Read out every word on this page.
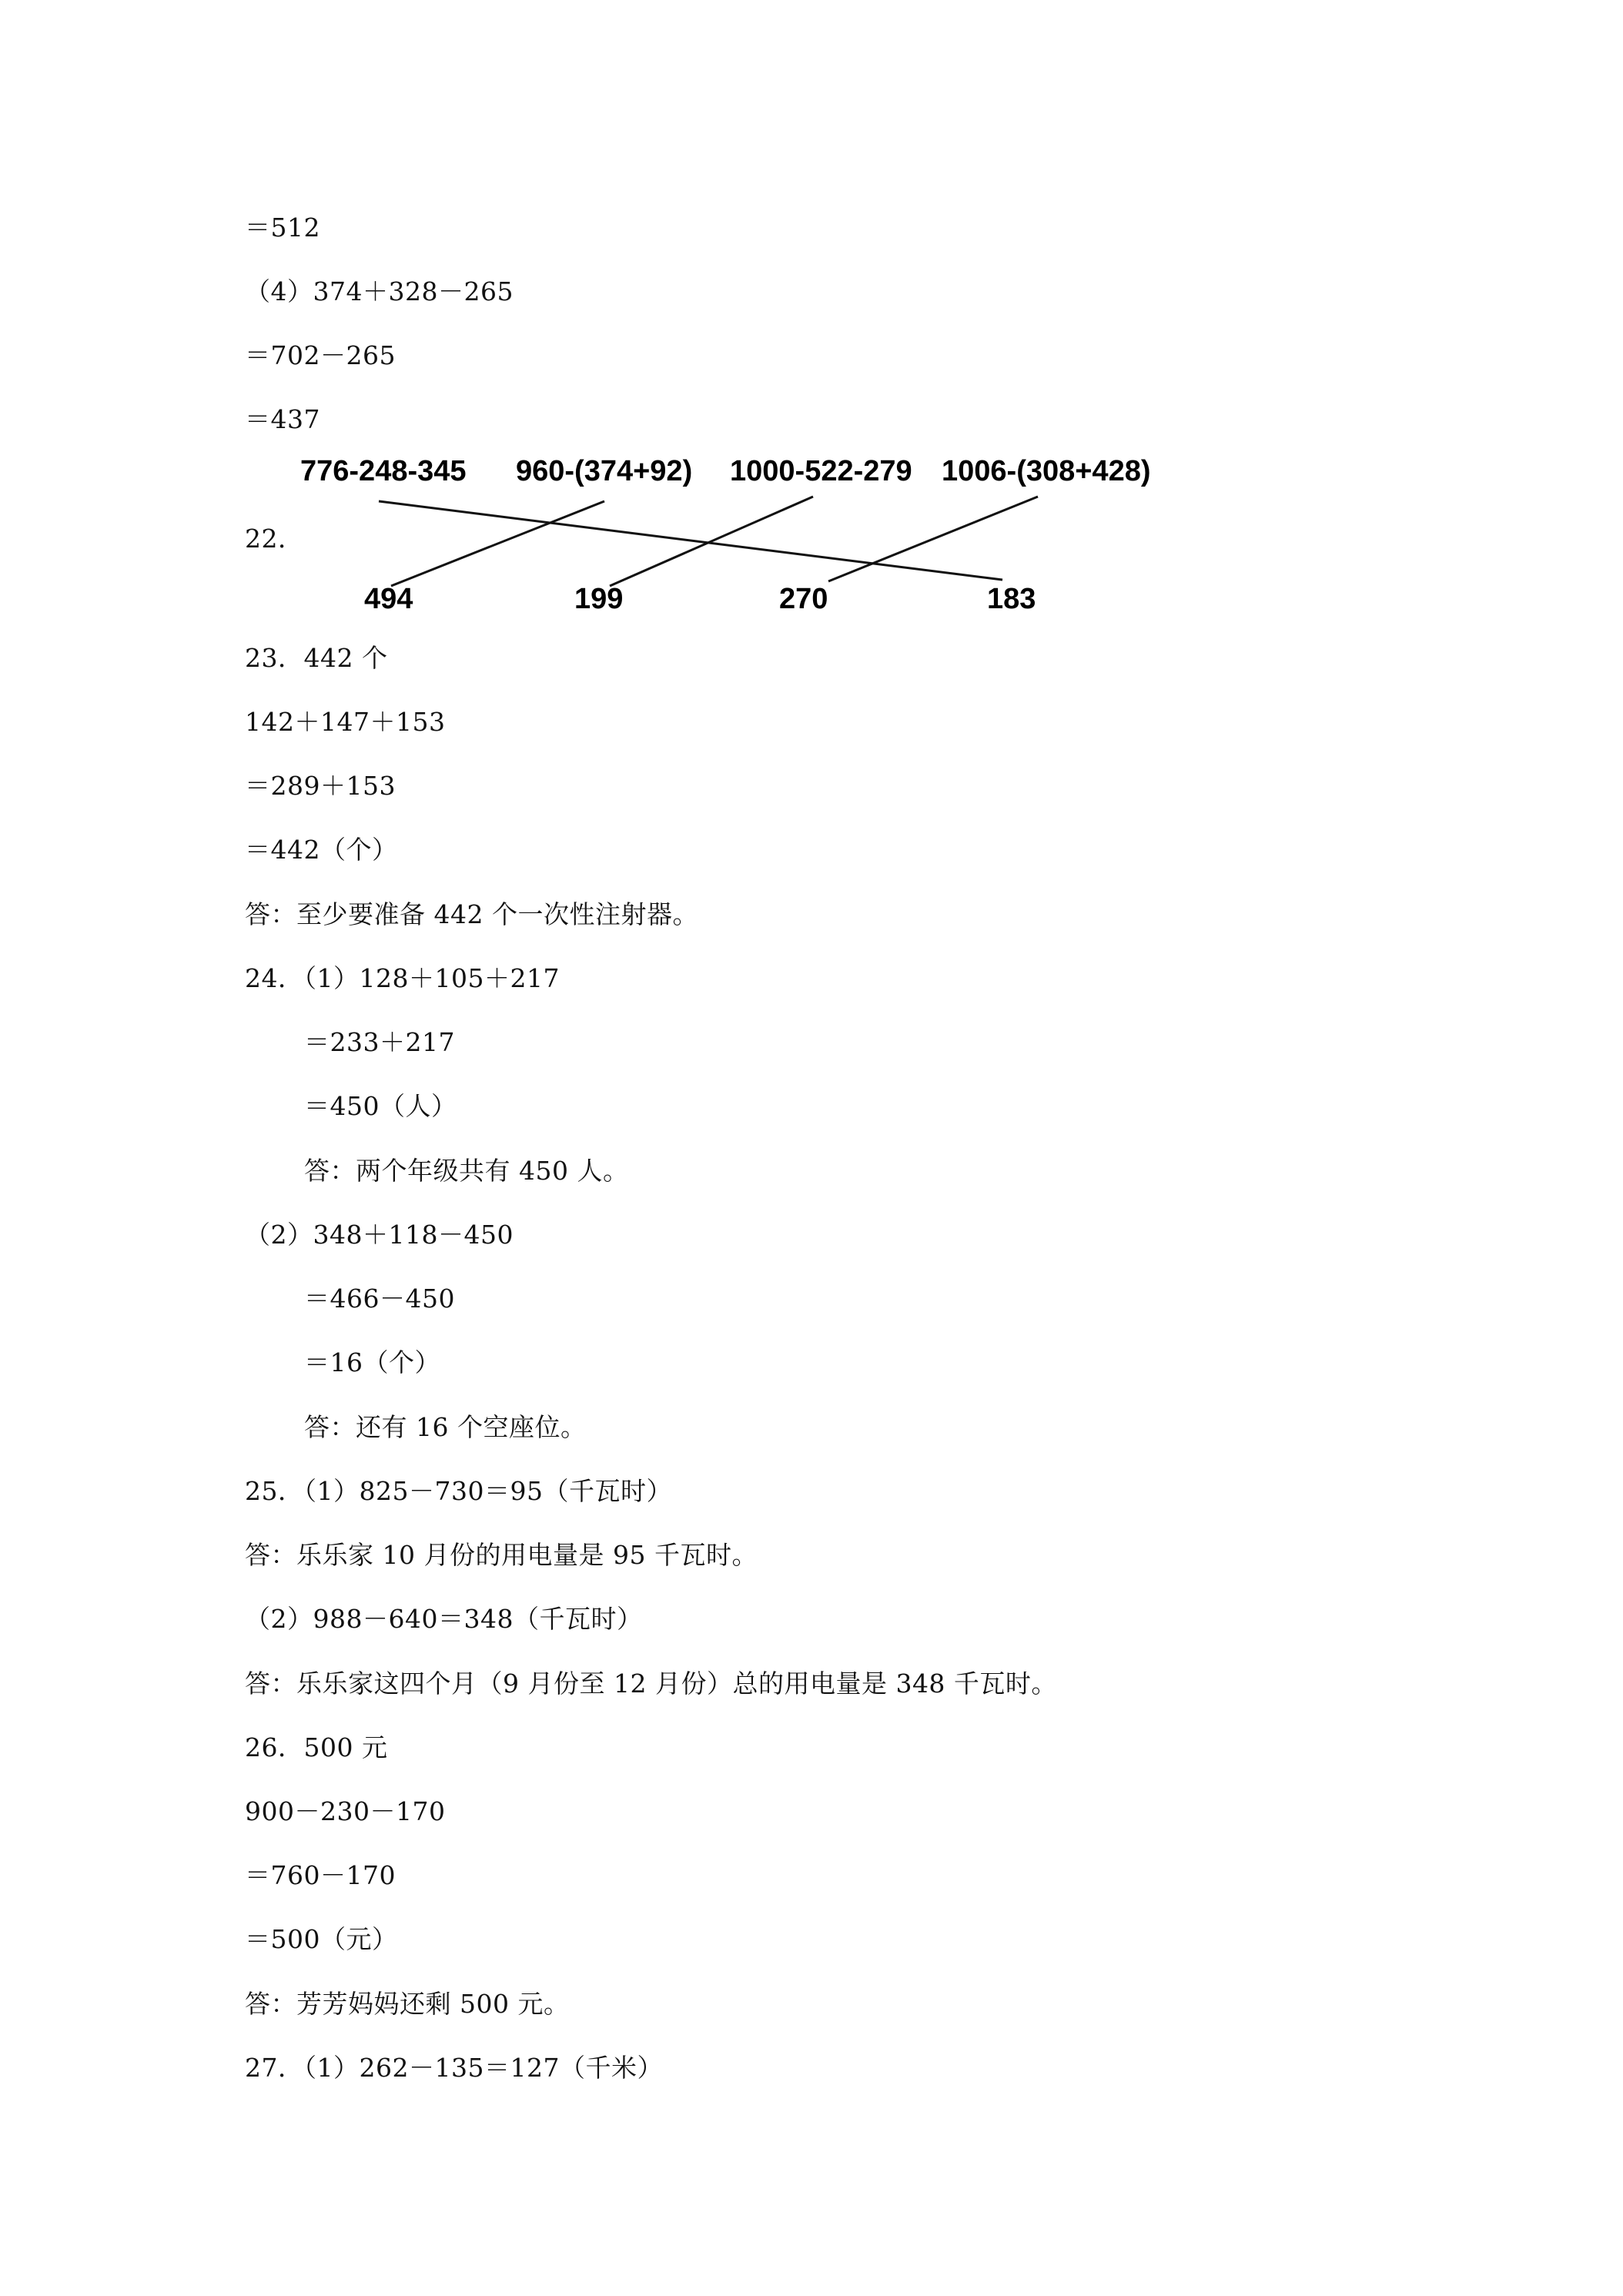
＝512
（4）374＋328－265
＝702－265
＝437
22．
776-248-345 960-(374+92) 1000-522-279 1006-(308+428)
494	199	270	183
23．442 个
142＋147＋153
＝289＋153
＝442（个）
答：至少要准备 442 个一次性注射器。
24．（1）128＋105＋217
＝233＋217
＝450（人）
答：两个年级共有 450 人。
（2）348＋118－450
＝466－450
＝16（个）
答：还有 16 个空座位。
25．（1）825－730＝95（千瓦时）
答：乐乐家 10 月份的用电量是 95 千瓦时。
（2）988－640＝348（千瓦时）
答：乐乐家这四个月（9 月份至 12 月份）总的用电量是 348 千瓦时。
26．500 元
900－230－170
＝760－170
＝500（元）
答：芳芳妈妈还剩 500 元。
27．（1）262－135＝127（千米）
